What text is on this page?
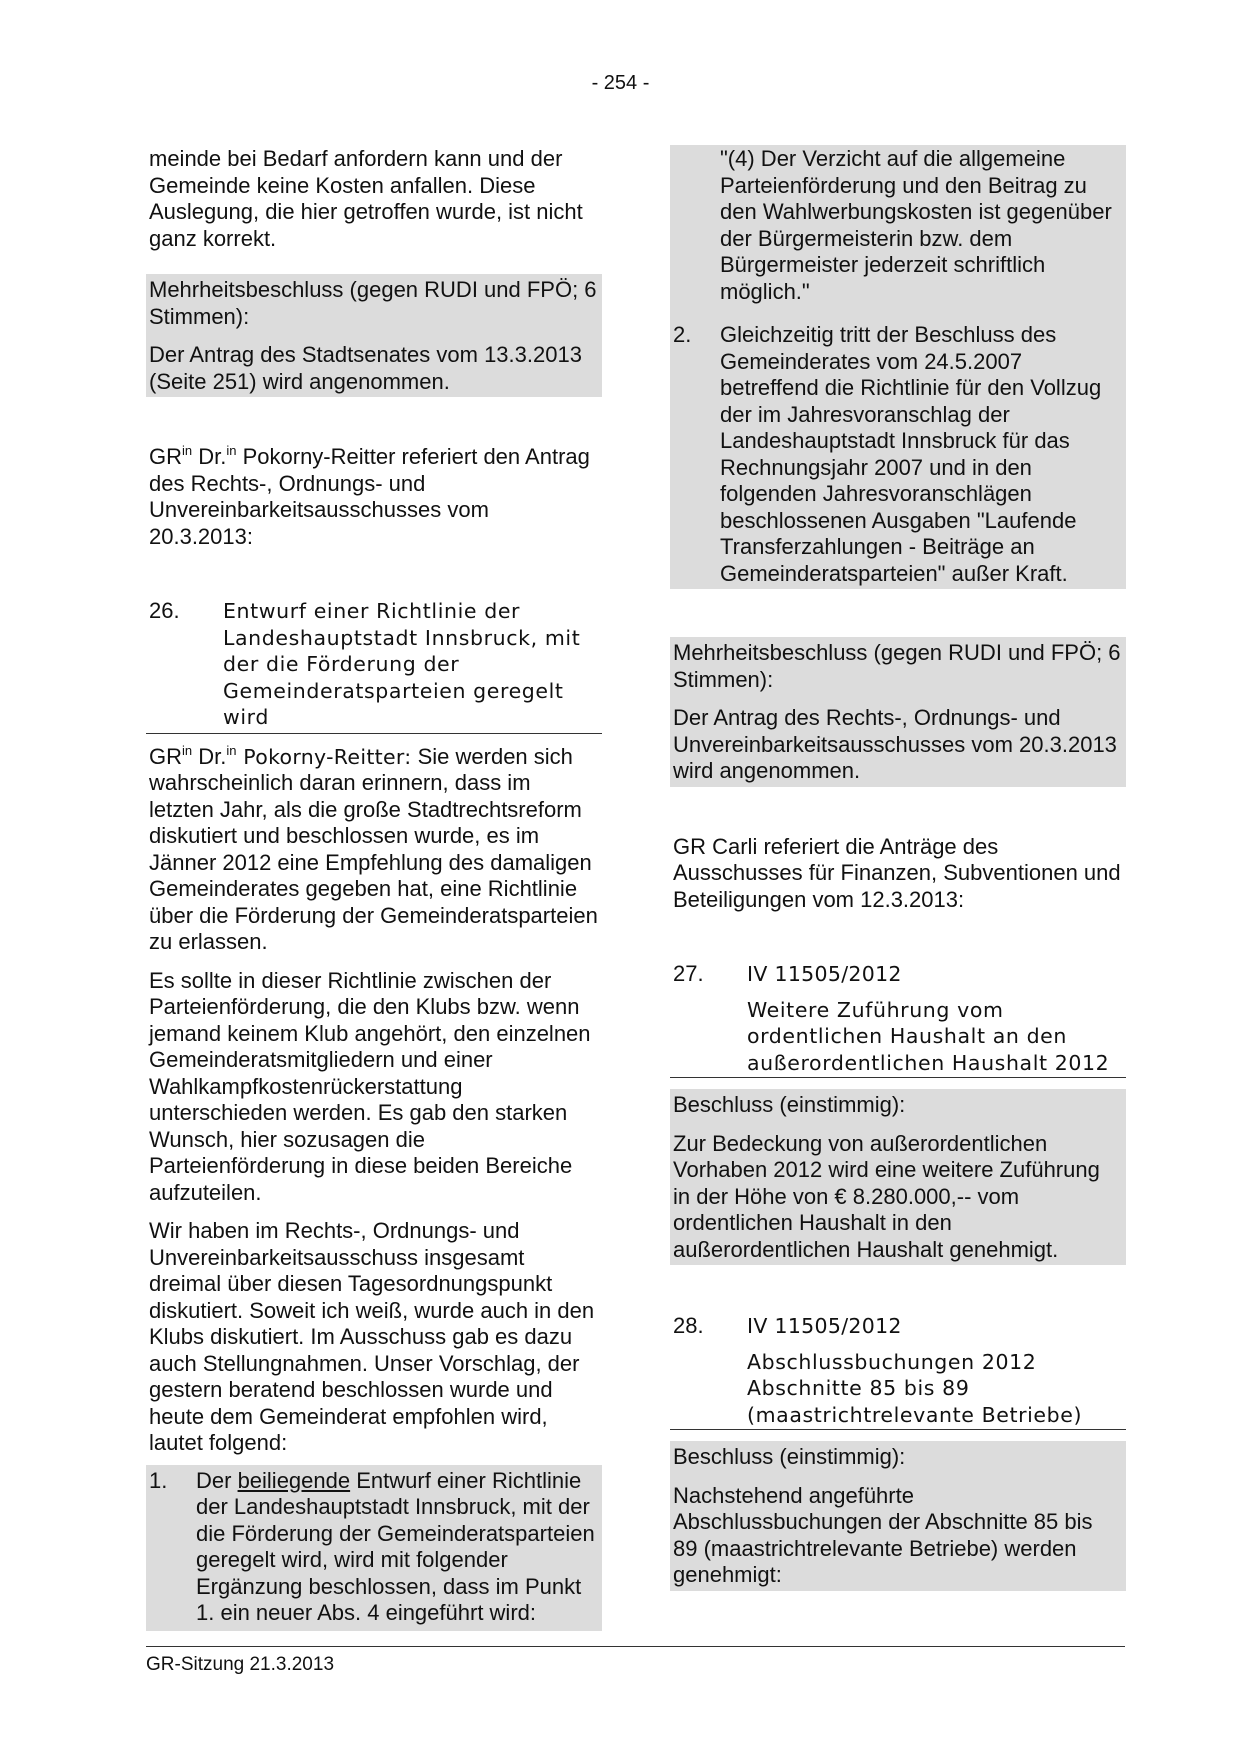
- 254 -

meinde bei Bedarf anfordern kann und der Gemeinde keine Kosten anfallen. Diese Auslegung, die hier getroffen wurde, ist nicht ganz korrekt.

Mehrheitsbeschluss (gegen RUDI und FPÖ; 6 Stimmen):

Der Antrag des Stadtsenates vom 13.3.2013 (Seite 251) wird angenommen.

$GR^{in}$ Dr.$^{in}$ Pokorny-Reitter referiert den Antrag des Rechts-, Ordnungs- und Unvereinbarkeitsausschusses vom 20.3.2013:

26.	Entwurf einer Richtlinie der Landeshauptstadt Innsbruck, mit der die Förderung der Gemeinderatsparteien geregelt wird

$GR^{in}$ Dr.$^{in}$ Pokorny-Reitter: Sie werden sich wahrscheinlich daran erinnern, dass im letzten Jahr, als die große Stadtrechtsreform diskutiert und beschlossen wurde, es im Jänner 2012 eine Empfehlung des damaligen Gemeinderates gegeben hat, eine Richtlinie über die Förderung der Gemeinderatsparteien zu erlassen.

Es sollte in dieser Richtlinie zwischen der Parteienförderung, die den Klubs bzw. wenn jemand keinem Klub angehört, den einzelnen Gemeinderatsmitgliedern und einer Wahlkampfkostenrückerstattung unterschieden werden. Es gab den starken Wunsch, hier sozusagen die Parteienförderung in diese beiden Bereiche aufzuteilen.

Wir haben im Rechts-, Ordnungs- und Unvereinbarkeitsausschuss insgesamt dreimal über diesen Tagesordnungspunkt diskutiert. Soweit ich weiß, wurde auch in den Klubs diskutiert. Im Ausschuss gab es dazu auch Stellungnahmen. Unser Vorschlag, der gestern beratend beschlossen wurde und heute dem Gemeinderat empfohlen wird, lautet folgend:

1.	Der beiliegende Entwurf einer Richtlinie der Landeshauptstadt Innsbruck, mit der die Förderung der Gemeinderatsparteien geregelt wird, wird mit folgender Ergänzung beschlossen, dass im Punkt 1. ein neuer Abs. 4 eingeführt wird:

"(4) Der Verzicht auf die allgemeine Parteienförderung und den Beitrag zu den Wahlwerbungskosten ist gegenüber der Bürgermeisterin bzw. dem Bürgermeister jederzeit schriftlich möglich."

2.	Gleichzeitig tritt der Beschluss des Gemeinderates vom 24.5.2007 betreffend die Richtlinie für den Vollzug der im Jahresvoranschlag der Landeshauptstadt Innsbruck für das Rechnungsjahr 2007 und in den folgenden Jahresvoranschlägen beschlossenen Ausgaben "Laufende Transferzahlungen - Beiträge an Gemeinderatsparteien" außer Kraft.

Mehrheitsbeschluss (gegen RUDI und FPÖ; 6 Stimmen):

Der Antrag des Rechts-, Ordnungs- und Unvereinbarkeitsausschusses vom 20.3.2013 wird angenommen.

GR Carli referiert die Anträge des Ausschusses für Finanzen, Subventionen und Beteiligungen vom 12.3.2013:

27.	IV 11505/2012
Weitere Zuführung vom ordentlichen Haushalt an den außerordentlichen Haushalt 2012

Beschluss (einstimmig):

Zur Bedeckung von außerordentlichen Vorhaben 2012 wird eine weitere Zuführung in der Höhe von € 8.280.000,-- vom ordentlichen Haushalt in den außerordentlichen Haushalt genehmigt.

28.	IV 11505/2012
Abschlussbuchungen 2012 Abschnitte 85 bis 89 (maastrichtrelevante Betriebe)

Beschluss (einstimmig):

Nachstehend angeführte Abschlussbuchungen der Abschnitte 85 bis 89 (maastrichtrelevante Betriebe) werden genehmigt:

GR-Sitzung 21.3.2013
